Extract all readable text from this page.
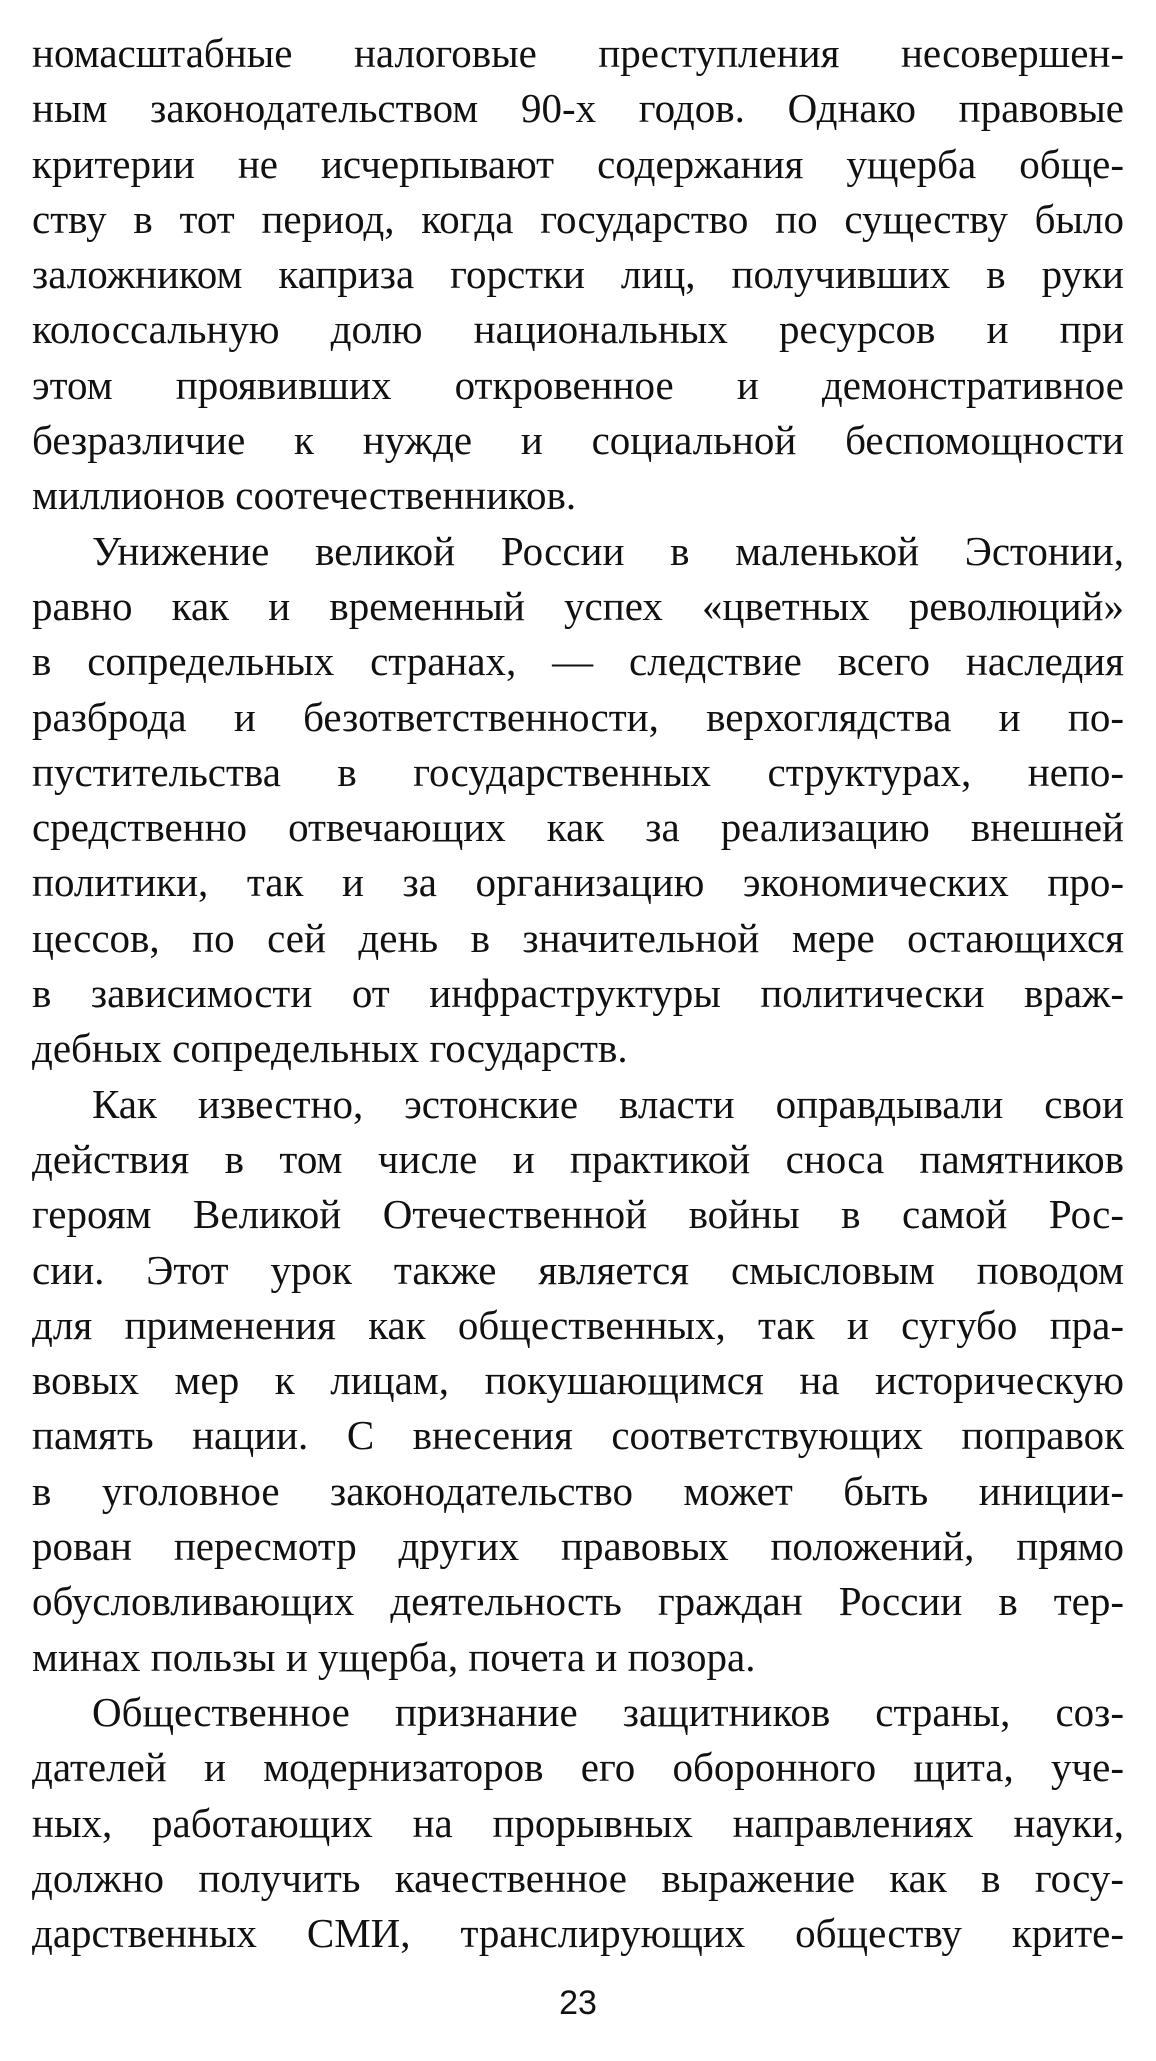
номасштабные налоговые преступления несовершен-
ным законодательством 90-х годов. Однако правовые
критерии не исчерпывают содержания ущерба обще-
ству в тот период, когда государство по существу было
заложником каприза горстки лиц, получивших в руки
колоссальную долю национальных ресурсов и при
этом проявивших откровенное и демонстративное
безразличие к нужде и социальной беспомощности
миллионов соотечественников.
Унижение великой России в маленькой Эстонии,
равно как и временный успех «цветных революций»
в сопредельных странах, — следствие всего наследия
разброда и безответственности, верхоглядства и по-
пустительства в государственных структурах, непо-
средственно отвечающих как за реализацию внешней
политики, так и за организацию экономических про-
цессов, по сей день в значительной мере остающихся
в зависимости от инфраструктуры политически враж-
дебных сопредельных государств.
Как известно, эстонские власти оправдывали свои
действия в том числе и практикой сноса памятников
героям Великой Отечественной войны в самой Рос-
сии. Этот урок также является смысловым поводом
для применения как общественных, так и сугубо пра-
вовых мер к лицам, покушающимся на историческую
память нации. С внесения соответствующих поправок
в уголовное законодательство может быть иниции-
рован пересмотр других правовых положений, прямо
обусловливающих деятельность граждан России в тер-
минах пользы и ущерба, почета и позора.
Общественное признание защитников страны, соз-
дателей и модернизаторов его оборонного щита, уче-
ных, работающих на прорывных направлениях науки,
должно получить качественное выражение как в госу-
дарственных СМИ, транслирующих обществу крите-
23
